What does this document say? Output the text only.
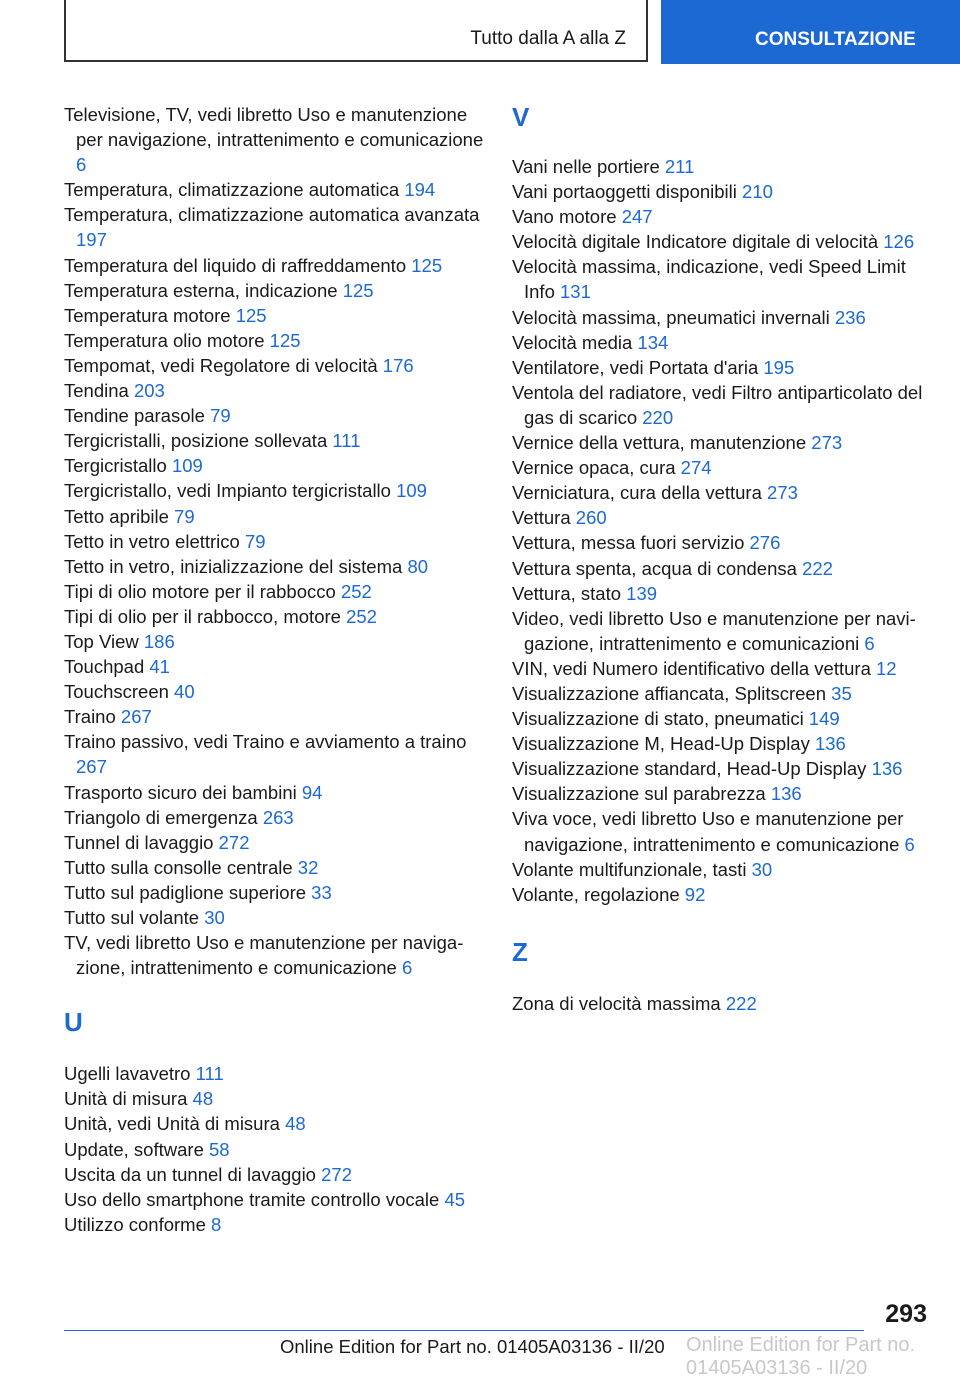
Tutto dalla A alla Z	CONSULTAZIONE
Televisione, TV, vedi libretto Uso e manutenzione per navigazione, intrattenimento e comunicazione 6
Temperatura, climatizzazione automatica 194
Temperatura, climatizzazione automatica avanzata 197
Temperatura del liquido di raffreddamento 125
Temperatura esterna, indicazione 125
Temperatura motore 125
Temperatura olio motore 125
Tempomat, vedi Regolatore di velocità 176
Tendina 203
Tendine parasole 79
Tergicristalli, posizione sollevata 111
Tergicristallo 109
Tergicristallo, vedi Impianto tergicristallo 109
Tetto apribile 79
Tetto in vetro elettrico 79
Tetto in vetro, inizializzazione del sistema 80
Tipi di olio motore per il rabbocco 252
Tipi di olio per il rabbocco, motore 252
Top View 186
Touchpad 41
Touchscreen 40
Traino 267
Traino passivo, vedi Traino e avviamento a traino 267
Trasporto sicuro dei bambini 94
Triangolo di emergenza 263
Tunnel di lavaggio 272
Tutto sulla consolle centrale 32
Tutto sul padiglione superiore 33
Tutto sul volante 30
TV, vedi libretto Uso e manutenzione per navigazione, intrattenimento e comunicazione 6
U
Ugelli lavavetro 111
Unità di misura 48
Unità, vedi Unità di misura 48
Update, software 58
Uscita da un tunnel di lavaggio 272
Uso dello smartphone tramite controllo vocale 45
Utilizzo conforme 8
V
Vani nelle portiere 211
Vani portaoggetti disponibili 210
Vano motore 247
Velocità digitale Indicatore digitale di velocità 126
Velocità massima, indicazione, vedi Speed Limit Info 131
Velocità massima, pneumatici invernali 236
Velocità media 134
Ventilatore, vedi Portata d'aria 195
Ventola del radiatore, vedi Filtro antiparticolato del gas di scarico 220
Vernice della vettura, manutenzione 273
Vernice opaca, cura 274
Verniciatura, cura della vettura 273
Vettura 260
Vettura, messa fuori servizio 276
Vettura spenta, acqua di condensa 222
Vettura, stato 139
Video, vedi libretto Uso e manutenzione per navigazione, intrattenimento e comunicazioni 6
VIN, vedi Numero identificativo della vettura 12
Visualizzazione affiancata, Splitscreen 35
Visualizzazione di stato, pneumatici 149
Visualizzazione M, Head-Up Display 136
Visualizzazione standard, Head-Up Display 136
Visualizzazione sul parabrezza 136
Viva voce, vedi libretto Uso e manutenzione per navigazione, intrattenimento e comunicazione 6
Volante multifunzionale, tasti 30
Volante, regolazione 92
Z
Zona di velocità massima 222
293
Online Edition for Part no. 01405A03136 - II/20 Online Edition for Part no. 01405A03136 - II/20
